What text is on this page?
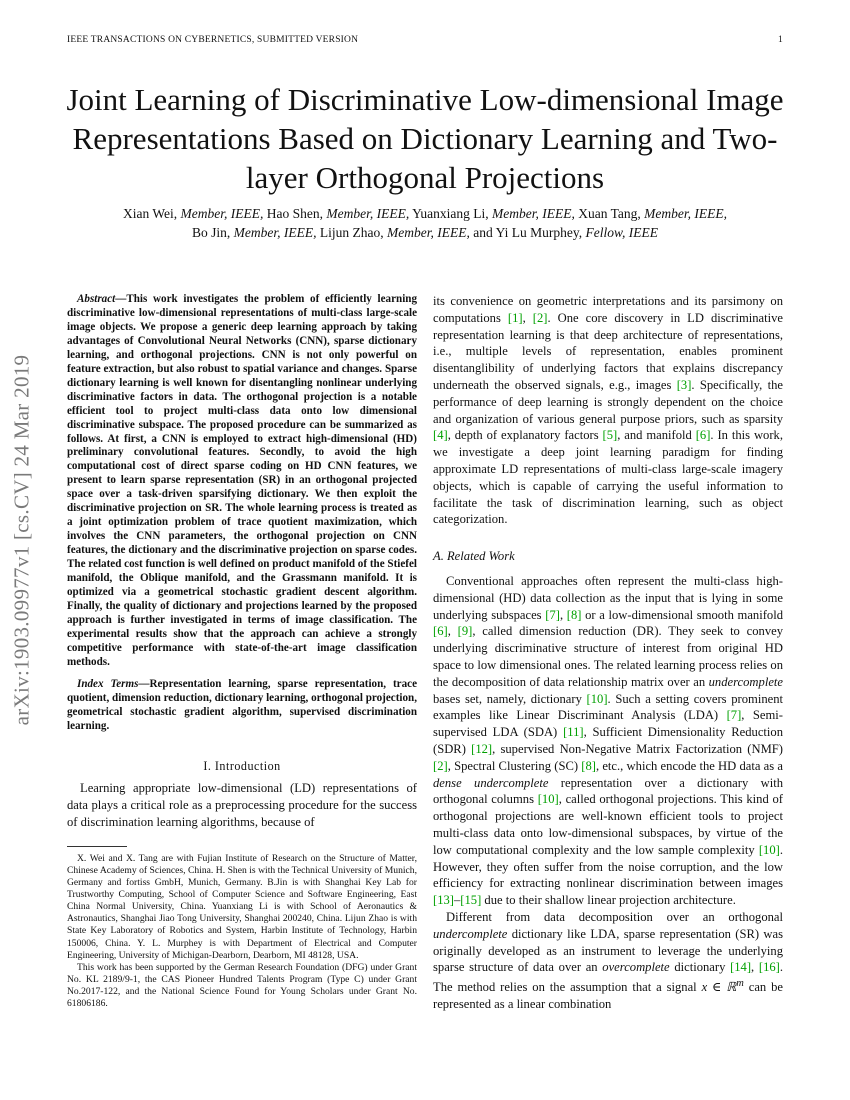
IEEE TRANSACTIONS ON CYBERNETICS, SUBMITTED VERSION	1
Joint Learning of Discriminative Low-dimensional Image Representations Based on Dictionary Learning and Two-layer Orthogonal Projections
Xian Wei, Member, IEEE, Hao Shen, Member, IEEE, Yuanxiang Li, Member, IEEE, Xuan Tang, Member, IEEE,
Bo Jin, Member, IEEE, Lijun Zhao, Member, IEEE, and Yi Lu Murphey, Fellow, IEEE
arXiv:1903.09977v1 [cs.CV] 24 Mar 2019

Abstract—This work investigates the problem of efficiently learning discriminative low-dimensional representations of multi-class large-scale image objects. We propose a generic deep learning approach by taking advantages of Convolutional Neural Networks (CNN), sparse dictionary learning, and orthogonal projections. CNN is not only powerful on feature extraction, but also robust to spatial variance and changes. Sparse dictionary learning is well known for disentangling nonlinear underlying discriminative factors in data. The orthogonal projection is a notable efficient tool to project multi-class data onto low dimensional discriminative subspace. The proposed procedure can be summarized as follows. At first, a CNN is employed to extract high-dimensional (HD) preliminary convolutional features. Secondly, to avoid the high computational cost of direct sparse coding on HD CNN features, we present to learn sparse representation (SR) in an orthogonal projected space over a task-driven sparsifying dictionary. We then exploit the discriminative projection on SR. The whole learning process is treated as a joint optimization problem of trace quotient maximization, which involves the CNN parameters, the orthogonal projection on CNN features, the dictionary and the discriminative projection on sparse codes. The related cost function is well defined on product manifold of the Stiefel manifold, the Oblique manifold, and the Grassmann manifold. It is optimized via a geometrical stochastic gradient descent algorithm. Finally, the quality of dictionary and projections learned by the proposed approach is further investigated in terms of image classification. The experimental results show that the approach can achieve a strongly competitive performance with state-of-the-art image classification methods.

Index Terms—Representation learning, sparse representation, trace quotient, dimension reduction, dictionary learning, orthogonal projection, geometrical stochastic gradient algorithm, supervised discrimination learning.

I. Introduction

Learning appropriate low-dimensional (LD) representations of data plays a critical role as a preprocessing procedure for the success of discrimination learning algorithms, because of

X. Wei and X. Tang are with Fujian Institute of Research on the Structure of Matter, Chinese Academy of Sciences, China. H. Shen is with the Technical University of Munich, Germany and fortiss GmbH, Munich, Germany. B.Jin is with Shanghai Key Lab for Trustworthy Computing, School of Computer Science and Software Engineering, East China Normal University, China. Yuanxiang Li is with School of Aeronautics & Astronautics, Shanghai Jiao Tong University, Shanghai 200240, China. Lijun Zhao is with State Key Laboratory of Robotics and System, Harbin Institute of Technology, Harbin 150006, China. Y. L. Murphey is with Department of Electrical and Computer Engineering, University of Michigan-Dearborn, Dearborn, MI 48128, USA.

This work has been supported by the German Research Foundation (DFG) under Grant No. KL 2189/9-1, the CAS Pioneer Hundred Talents Program (Type C) under Grant No.2017-122, and the National Science Found for Young Scholars under Grant No. 61806186.

its convenience on geometric interpretations and its parsimony on computations [1], [2]. One core discovery in LD discriminative representation learning is that deep architecture of representations, i.e., multiple levels of representation, enables prominent disentanglibility of underlying factors that explains discrepancy underneath the observed signals, e.g., images [3]. Specifically, the performance of deep learning is strongly dependent on the choice and organization of various general purpose priors, such as sparsity [4], depth of explanatory factors [5], and manifold [6]. In this work, we investigate a deep joint learning paradigm for finding approximate LD representations of multi-class large-scale imagery objects, which is capable of carrying the useful information to facilitate the task of discrimination learning, such as object categorization.

A. Related Work

Conventional approaches often represent the multi-class high-dimensional (HD) data collection as the input that is lying in some underlying subspaces [7], [8] or a low-dimensional smooth manifold [6], [9], called dimension reduction (DR). They seek to convey underlying discriminative structure of interest from original HD space to low dimensional ones. The related learning process relies on the decomposition of data relationship matrix over an undercomplete bases set, namely, dictionary [10]. Such a setting covers prominent examples like Linear Discriminant Analysis (LDA) [7], Semi-supervised LDA (SDA) [11], Sufficient Dimensionality Reduction (SDR) [12], supervised Non-Negative Matrix Factorization (NMF) [2], Spectral Clustering (SC) [8], etc., which encode the HD data as a dense undercomplete representation over a dictionary with orthogonal columns [10], called orthogonal projections. This kind of orthogonal projections are well-known efficient tools to project multi-class data onto low-dimensional subspaces, by virtue of the low computational complexity and the low sample complexity [10]. However, they often suffer from the noise corruption, and the low efficiency for extracting nonlinear discrimination between images [13]–[15] due to their shallow linear projection architecture.

Different from data decomposition over an orthogonal undercomplete dictionary like LDA, sparse representation (SR) was originally developed as an instrument to leverage the underlying sparse structure of data over an overcomplete dictionary [14], [16]. The method relies on the assumption that a signal x ∈ ℝ$^m$ can be represented as a linear combination
